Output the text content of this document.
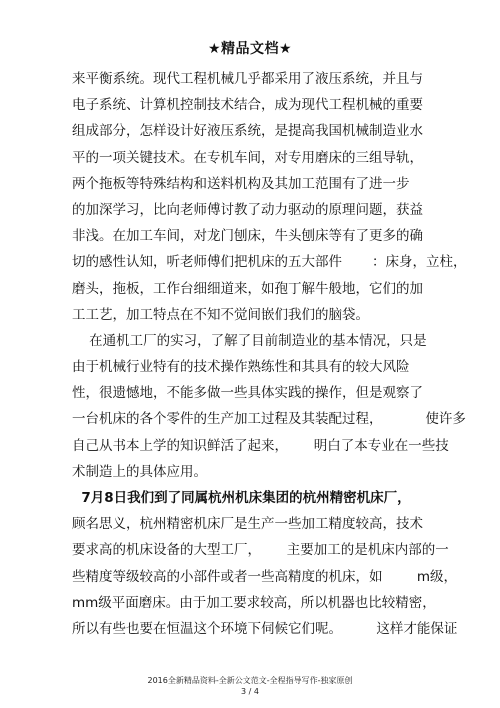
★精品文档★
来平衡系统。现代工程机械几乎都采用了液压系统，并且与
电子系统、计算机控制技术结合，成为现代工程机械的重要
组成部分，怎样设计好液压系统，是提高我国机械制造业水
平的一项关键技术。在专机车间，对专用磨床的三组导轨，
两个拖板等特殊结构和送料机构及其加工范围有了进一步
的加深学习，比向老师傅讨教了动力驱动的原理问题，获益
非浅。在加工车间，对龙门刨床，牛头刨床等有了更多的确
切的感性认知，听老师傅们把机床的五大部件       ：床身，立柱，
磨头，拖板，工作台细细道来，如孢丁解牛般地，它们的加
工工艺，加工特点在不知不觉间嵌们我们的脑袋。
在通机工厂的实习，了解了目前制造业的基本情况，只是
由于机械行业特有的技术操作熟练性和其具有的较大风险
性，很遗憾地，不能多做一些具体实践的操作，但是观察了
一台机床的各个零件的生产加工过程及其装配过程，          使许多
自己从书本上学的知识鲜活了起来，      明白了本专业在一些技
术制造上的具体应用。
7月8日我们到了同属杭州机床集团的杭州精密机床厂，
顾名思义，杭州精密机床厂是生产一些加工精度较高，技术
要求高的机床设备的大型工厂，      主要加工的是机床内部的一
些精度等级较高的小部件或者一些高精度的机床，如        m级，
mm级平面磨床。由于加工要求较高，所以机器也比较精密，
所以有些也要在恒温这个环境下伺候它们呢。        这样才能保证
2016全新精品资料-全新公文范文-全程指导写作-独家原创
3 / 4
